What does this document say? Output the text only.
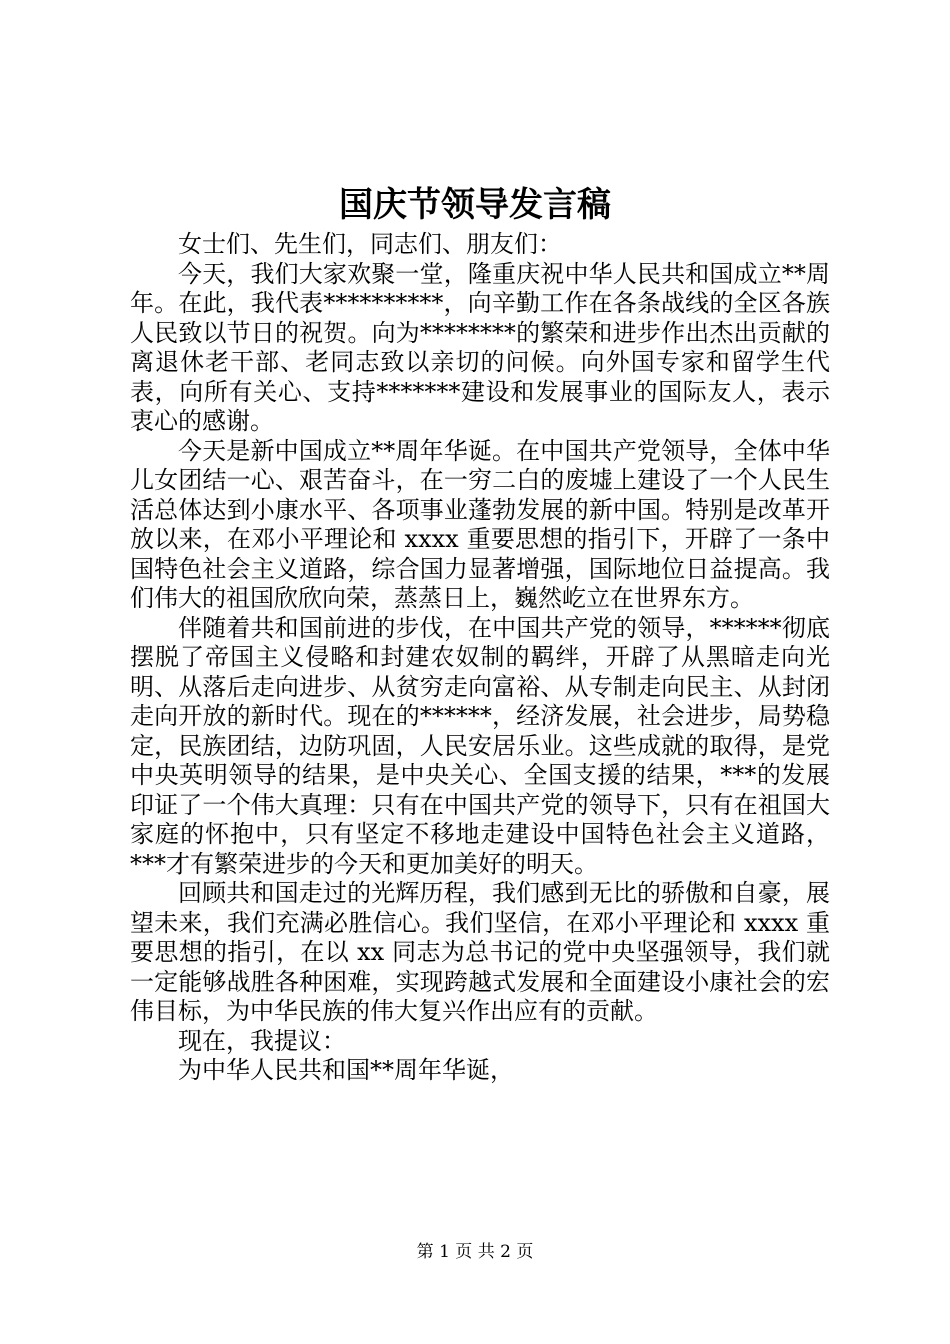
国庆节领导发言稿

女士们、先生们，同志们、朋友们：

今天，我们大家欢聚一堂，隆重庆祝中华人民共和国成立**周年。在此，我代表**********，向辛勤工作在各条战线的全区各族人民致以节日的祝贺。向为********的繁荣和进步作出杰出贡献的离退休老干部、老同志致以亲切的问候。向外国专家和留学生代表，向所有关心、支持*******建设和发展事业的国际友人，表示衷心的感谢。

今天是新中国成立**周年华诞。在中国共产党领导，全体中华儿女团结一心、艰苦奋斗，在一穷二白的废墟上建设了一个人民生活总体达到小康水平、各项事业蓬勃发展的新中国。特别是改革开放以来，在邓小平理论和 xxxx 重要思想的指引下，开辟了一条中国特色社会主义道路，综合国力显著增强，国际地位日益提高。我们伟大的祖国欣欣向荣，蒸蒸日上，巍然屹立在世界东方。

伴随着共和国前进的步伐，在中国共产党的领导，******彻底摆脱了帝国主义侵略和封建农奴制的羁绊，开辟了从黑暗走向光明、从落后走向进步、从贫穷走向富裕、从专制走向民主、从封闭走向开放的新时代。现在的******，经济发展，社会进步，局势稳定，民族团结，边防巩固，人民安居乐业。这些成就的取得，是党中央英明领导的结果，是中央关心、全国支援的结果，***的发展印证了一个伟大真理：只有在中国共产党的领导下，只有在祖国大家庭的怀抱中，只有坚定不移地走建设中国特色社会主义道路，***才有繁荣进步的今天和更加美好的明天。

回顾共和国走过的光辉历程，我们感到无比的骄傲和自豪，展望未来，我们充满必胜信心。我们坚信，在邓小平理论和 xxxx 重要思想的指引，在以 xx 同志为总书记的党中央坚强领导，我们就一定能够战胜各种困难，实现跨越式发展和全面建设小康社会的宏伟目标，为中华民族的伟大复兴作出应有的贡献。

现在，我提议：

为中华人民共和国**周年华诞，

第 1 页 共 2 页
